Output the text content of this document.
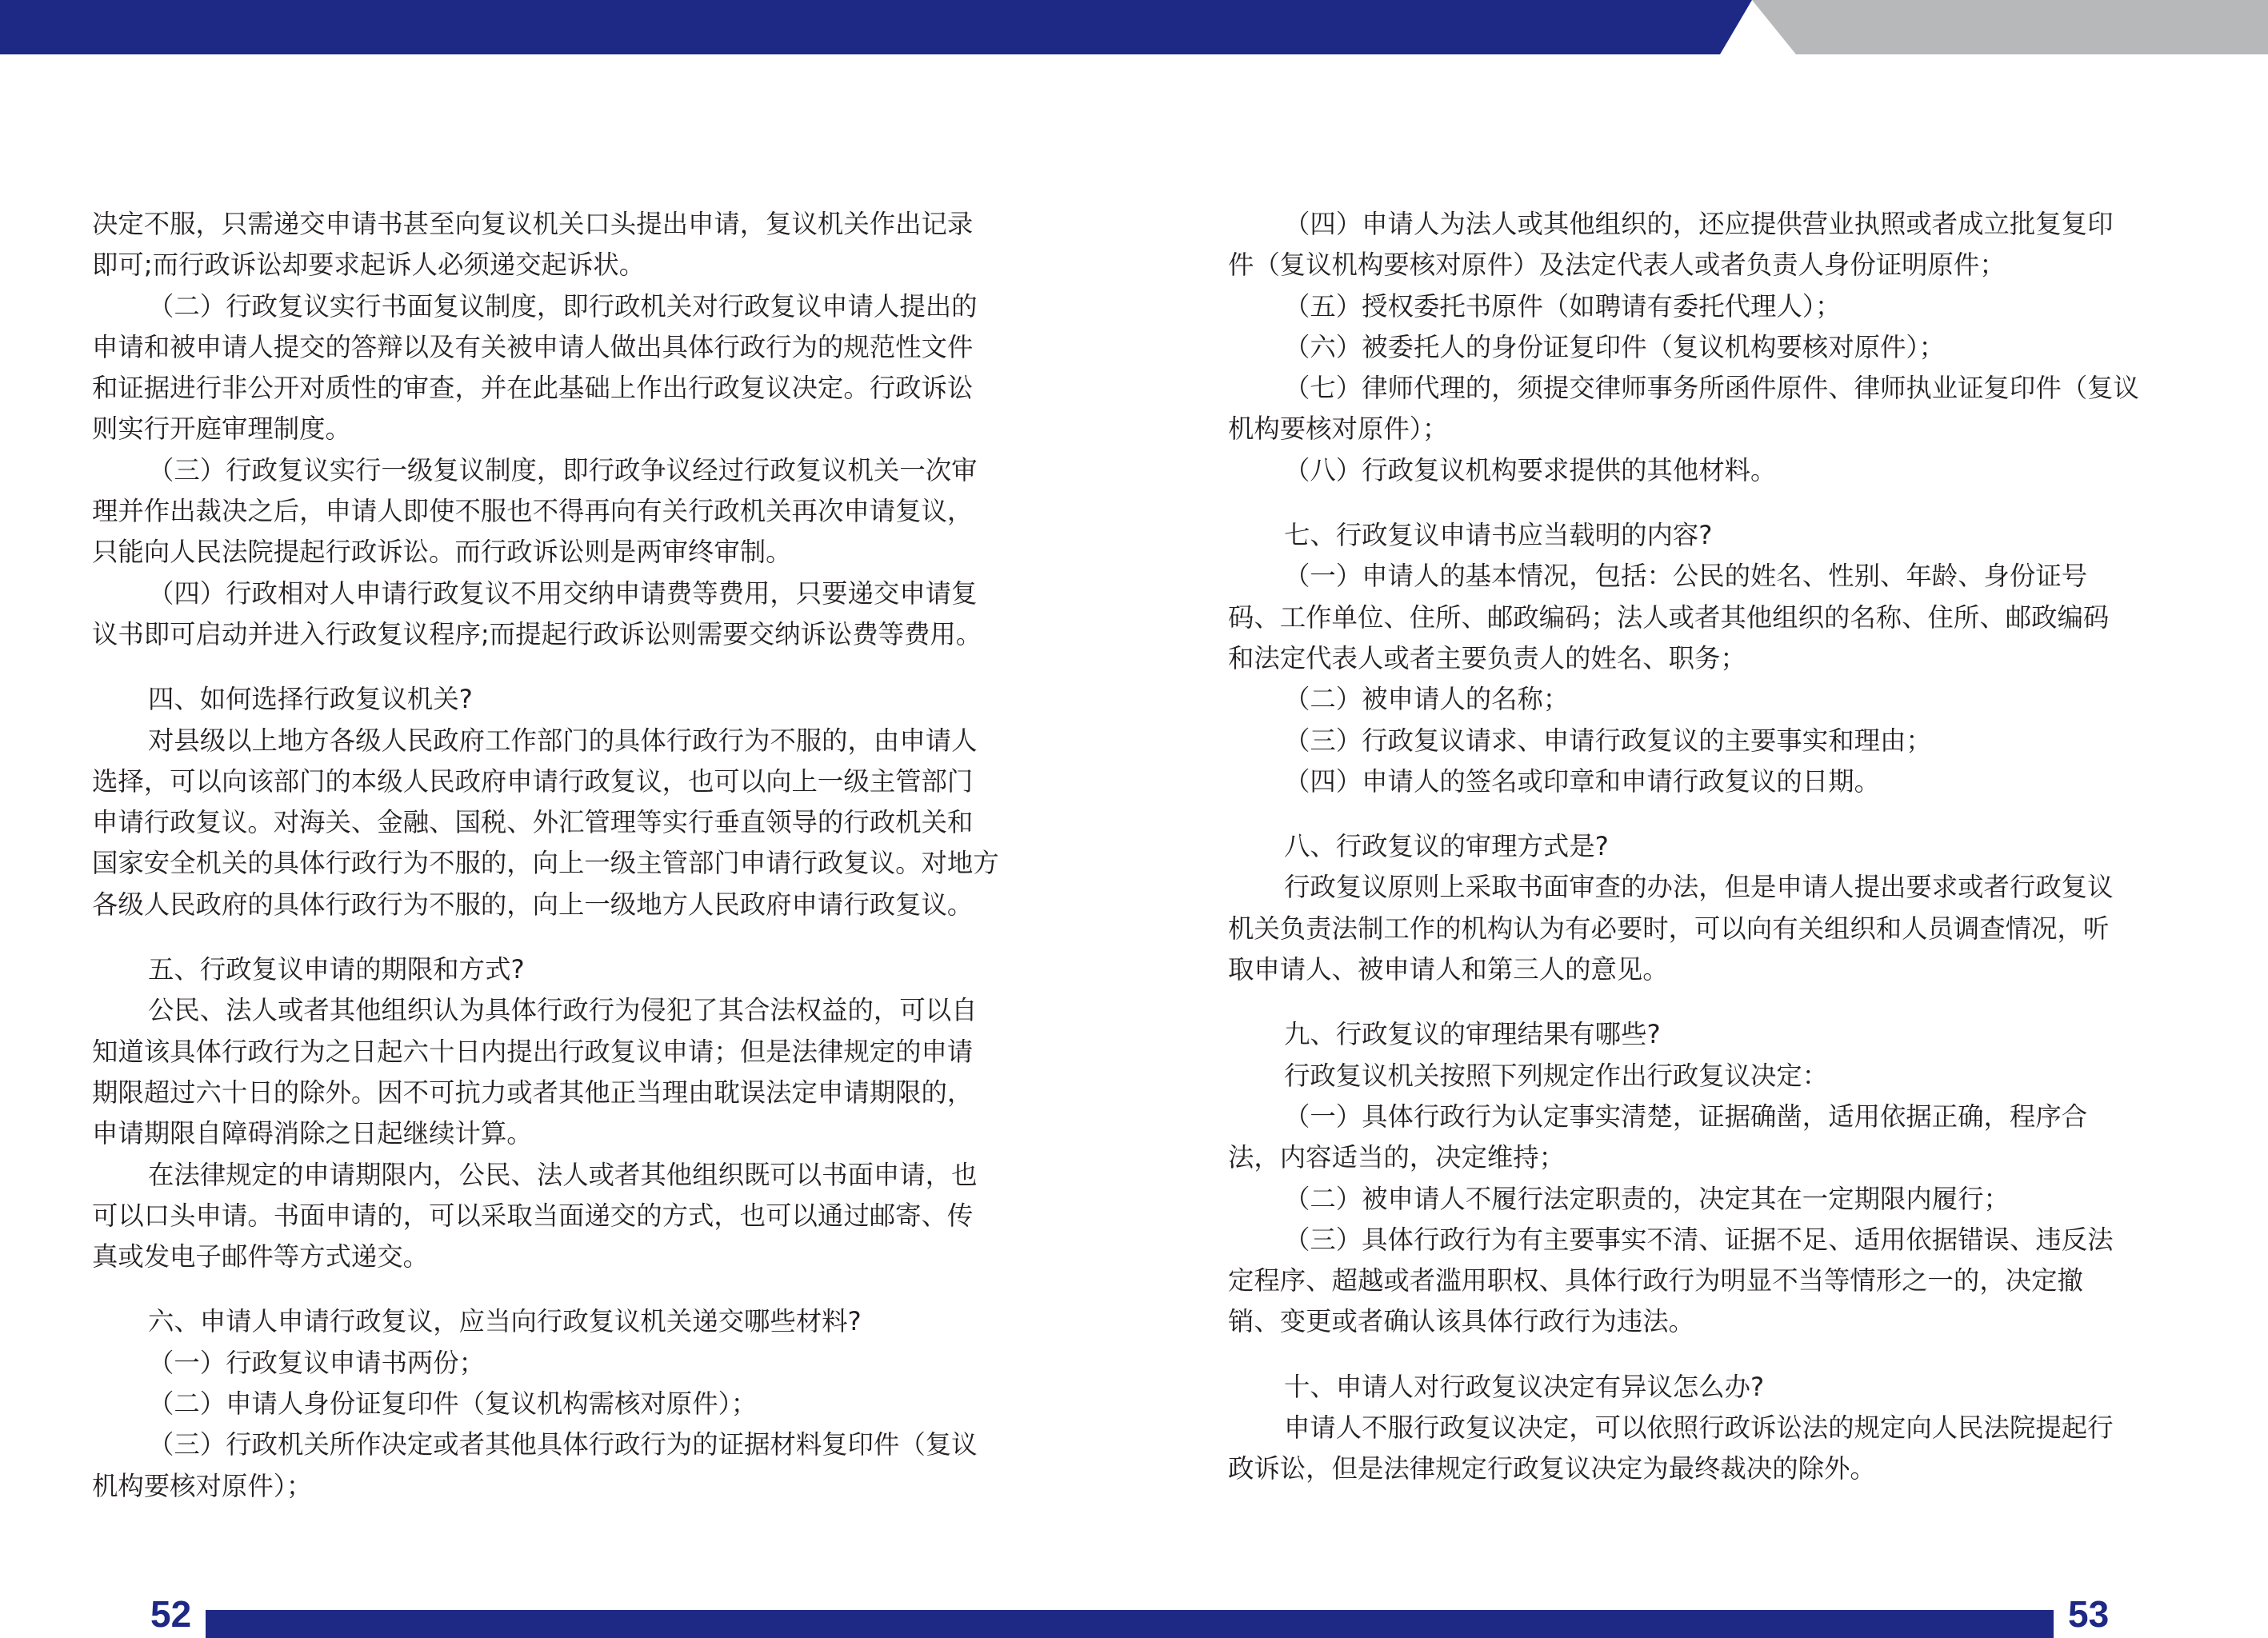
决定不服，只需递交申请书甚至向复议机关口头提出申请，复议机关作出记录
即可;而行政诉讼却要求起诉人必须递交起诉状。
（二）行政复议实行书面复议制度，即行政机关对行政复议申请人提出的
申请和被申请人提交的答辩以及有关被申请人做出具体行政行为的规范性文件
和证据进行非公开对质性的审查，并在此基础上作出行政复议决定。行政诉讼
则实行开庭审理制度。
（三）行政复议实行一级复议制度，即行政争议经过行政复议机关一次审
理并作出裁决之后，申请人即使不服也不得再向有关行政机关再次申请复议，
只能向人民法院提起行政诉讼。而行政诉讼则是两审终审制。
（四）行政相对人申请行政复议不用交纳申请费等费用，只要递交申请复
议书即可启动并进入行政复议程序;而提起行政诉讼则需要交纳诉讼费等费用。
四、如何选择行政复议机关?
对县级以上地方各级人民政府工作部门的具体行政行为不服的，由申请人
选择，可以向该部门的本级人民政府申请行政复议，也可以向上一级主管部门
申请行政复议。对海关、金融、国税、外汇管理等实行垂直领导的行政机关和
国家安全机关的具体行政行为不服的，向上一级主管部门申请行政复议。对地方
各级人民政府的具体行政行为不服的，向上一级地方人民政府申请行政复议。
五、行政复议申请的期限和方式?
公民、法人或者其他组织认为具体行政行为侵犯了其合法权益的，可以自
知道该具体行政行为之日起六十日内提出行政复议申请；但是法律规定的申请
期限超过六十日的除外。因不可抗力或者其他正当理由耽误法定申请期限的，
申请期限自障碍消除之日起继续计算。
在法律规定的申请期限内，公民、法人或者其他组织既可以书面申请，也
可以口头申请。书面申请的，可以采取当面递交的方式，也可以通过邮寄、传
真或发电子邮件等方式递交。
六、申请人申请行政复议，应当向行政复议机关递交哪些材料?
（一）行政复议申请书两份；
（二）申请人身份证复印件（复议机构需核对原件）；
（三）行政机关所作决定或者其他具体行政行为的证据材料复印件（复议
机构要核对原件）；
（四）申请人为法人或其他组织的，还应提供营业执照或者成立批复复印
件（复议机构要核对原件）及法定代表人或者负责人身份证明原件；
（五）授权委托书原件（如聘请有委托代理人）；
（六）被委托人的身份证复印件（复议机构要核对原件）；
（七）律师代理的，须提交律师事务所函件原件、律师执业证复印件（复议
机构要核对原件）；
（八）行政复议机构要求提供的其他材料。
七、行政复议申请书应当载明的内容?
（一）申请人的基本情况，包括：公民的姓名、性别、年龄、身份证号
码、工作单位、住所、邮政编码；法人或者其他组织的名称、住所、邮政编码
和法定代表人或者主要负责人的姓名、职务；
（二）被申请人的名称；
（三）行政复议请求、申请行政复议的主要事实和理由；
（四）申请人的签名或印章和申请行政复议的日期。
八、行政复议的审理方式是?
行政复议原则上采取书面审查的办法，但是申请人提出要求或者行政复议
机关负责法制工作的机构认为有必要时，可以向有关组织和人员调查情况，听
取申请人、被申请人和第三人的意见。
九、行政复议的审理结果有哪些?
行政复议机关按照下列规定作出行政复议决定：
（一）具体行政行为认定事实清楚，证据确凿，适用依据正确，程序合
法，内容适当的，决定维持；
（二）被申请人不履行法定职责的，决定其在一定期限内履行；
（三）具体行政行为有主要事实不清、证据不足、适用依据错误、违反法
定程序、超越或者滥用职权、具体行政行为明显不当等情形之一的，决定撤
销、变更或者确认该具体行政行为违法。
十、申请人对行政复议决定有异议怎么办?
申请人不服行政复议决定，可以依照行政诉讼法的规定向人民法院提起行
政诉讼，但是法律规定行政复议决定为最终裁决的除外。
52	53
